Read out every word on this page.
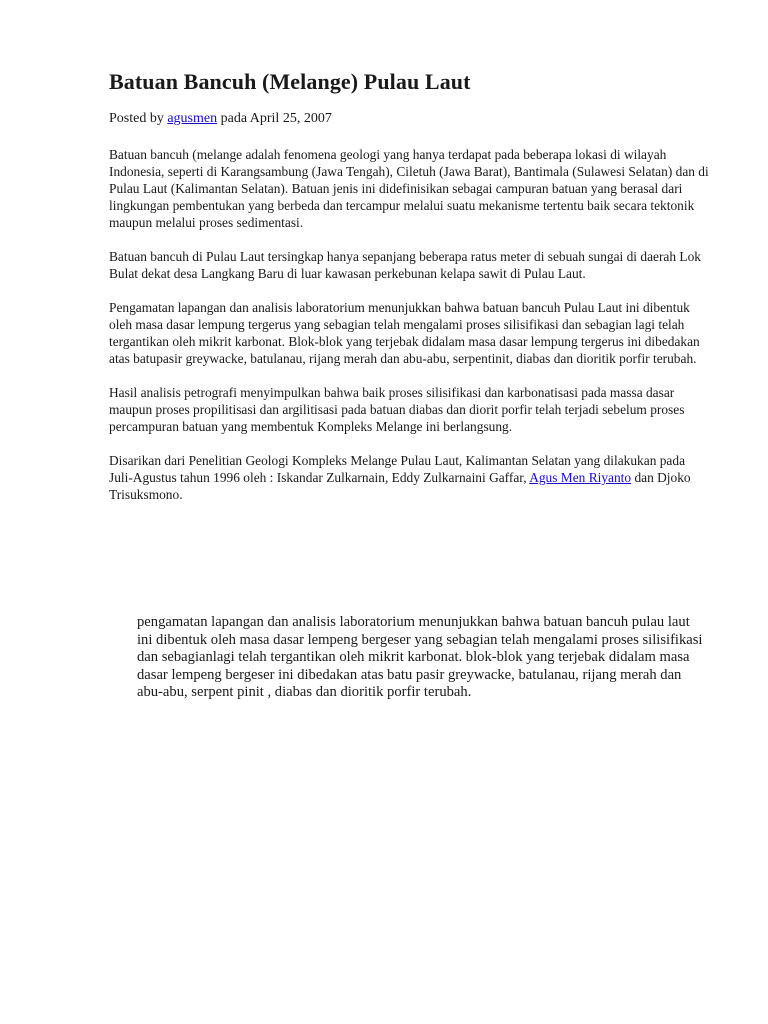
Batuan Bancuh (Melange) Pulau Laut
Posted by agusmen pada April 25, 2007

Batuan bancuh (melange adalah fenomena geologi yang hanya terdapat pada beberapa lokasi di wilayah Indonesia, seperti di Karangsambung (Jawa Tengah), Ciletuh (Jawa Barat), Bantimala (Sulawesi Selatan) dan di Pulau Laut (Kalimantan Selatan). Batuan jenis ini didefinisikan sebagai campuran batuan yang berasal dari lingkungan pembentukan yang berbeda dan tercampur melalui suatu mekanisme tertentu baik secara tektonik maupun melalui proses sedimentasi.

Batuan bancuh di Pulau Laut tersingkap hanya sepanjang beberapa ratus meter di sebuah sungai di daerah Lok Bulat dekat desa Langkang Baru di luar kawasan perkebunan kelapa sawit di Pulau Laut.

Pengamatan lapangan dan analisis laboratorium menunjukkan bahwa batuan bancuh Pulau Laut ini dibentuk oleh masa dasar lempung tergerus yang sebagian telah mengalami proses silisifikasi dan sebagian lagi telah tergantikan oleh mikrit karbonat. Blok-blok yang terjebak didalam masa dasar lempung tergerus ini dibedakan atas batupasir greywacke, batulanau, rijang merah dan abu-abu, serpentinit, diabas dan dioritik porfir terubah.

Hasil analisis petrografi menyimpulkan bahwa baik proses silisifikasi dan karbonatisasi pada massa dasar maupun proses propilitisasi dan argilitisasi pada batuan diabas dan diorit porfir telah terjadi sebelum proses percampuran batuan yang membentuk Kompleks Melange ini berlangsung.

Disarikan dari Penelitian Geologi Kompleks Melange Pulau Laut, Kalimantan Selatan yang dilakukan pada Juli-Agustus tahun 1996 oleh : Iskandar Zulkarnain, Eddy Zulkarnaini Gaffar, Agus Men Riyanto dan Djoko Trisuksmono.

pengamatan lapangan dan analisis laboratorium menunjukkan bahwa batuan bancuh pulau laut ini dibentuk oleh masa dasar lempeng bergeser yang sebagian telah mengalami proses silisifikasi dan sebagianlagi telah tergantikan oleh mikrit karbonat. blok-blok yang terjebak didalam masa dasar lempeng bergeser ini dibedakan atas batu pasir greywacke, batulanau, rijang merah dan abu-abu, serpent pinit , diabas dan dioritik porfir terubah.
